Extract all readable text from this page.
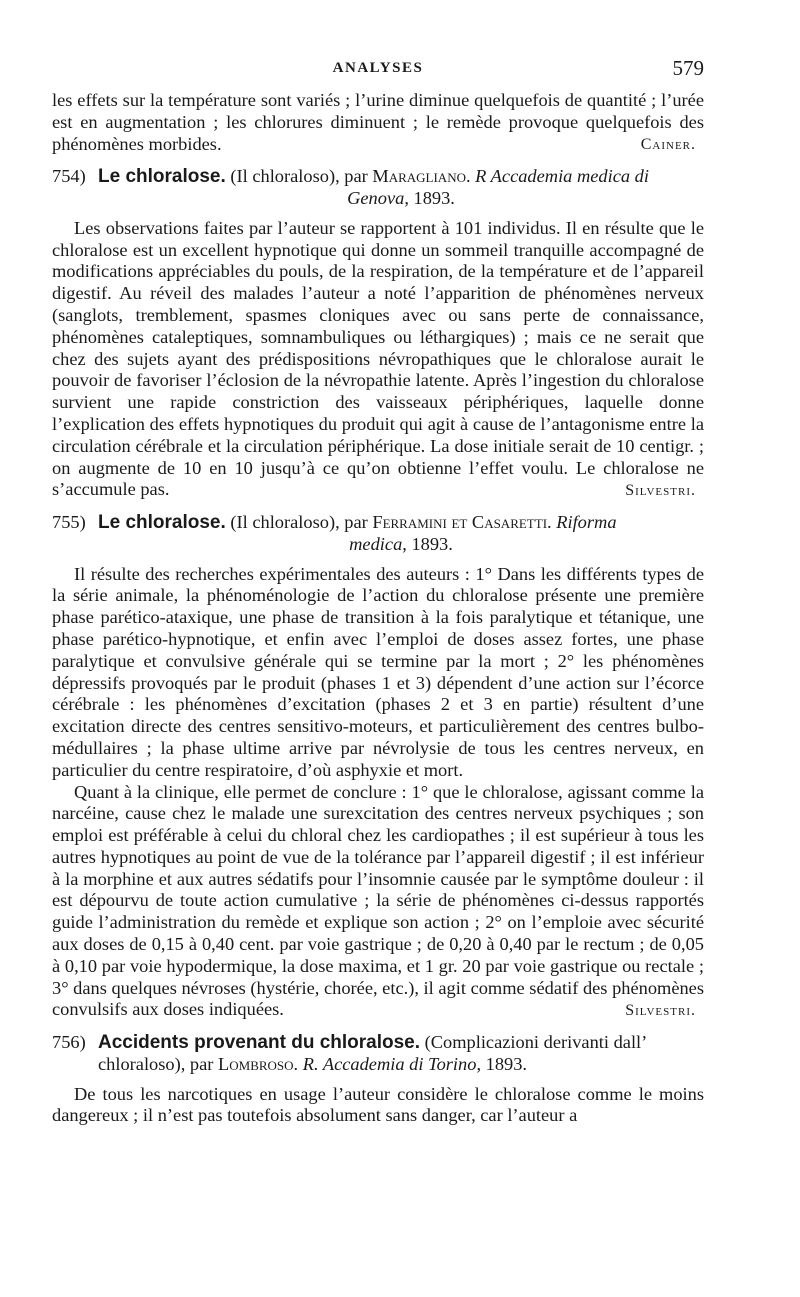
ANALYSES	579

les effets sur la température sont variés ; l’urine diminue quelquefois de quantité ; l’urée est en augmentation ; les chlorures diminuent ; le remède provoque quelquefois des phénomènes morbides.	Cainer.
754) Le chloralose. (Il chloraloso), par Maragliano. R Accademia medica di
Genova, 1893.

Les observations faites par l’auteur se rapportent à 101 individus. Il en résulte que le chloralose est un excellent hypnotique qui donne un sommeil tranquille accompagné de modifications appréciables du pouls, de la respiration, de la température et de l’appareil digestif. Au réveil des malades l’auteur a noté l’apparition de phénomènes nerveux (sanglots, tremblement, spasmes cloniques avec ou sans perte de connaissance, phénomènes cataleptiques, somnambuliques ou léthargiques) ; mais ce ne serait que chez des sujets ayant des prédispositions névropathiques que le chloralose aurait le pouvoir de favoriser l’éclosion de la névropathie latente. Après l’ingestion du chloralose survient une rapide constriction des vaisseaux périphériques, laquelle donne l’explication des effets hypnotiques du produit qui agit à cause de l’antagonisme entre la circulation cérébrale et la circulation périphérique. La dose initiale serait de 10 centigr. ; on augmente de 10 en 10 jusqu’à ce qu’on obtienne l’effet voulu. Le chloralose ne s’accumule pas.	Silvestri.
755) Le chloralose. (Il chloraloso), par Ferramini et Casaretti. Riforma
medica, 1893.

Il résulte des recherches expérimentales des auteurs : 1° Dans les différents types de la série animale, la phénoménologie de l’action du chloralose présente une première phase parético-ataxique, une phase de transition à la fois paralytique et tétanique, une phase parético-hypnotique, et enfin avec l’emploi de doses assez fortes, une phase paralytique et convulsive générale qui se termine par la mort ; 2° les phénomènes dépressifs provoqués par le produit (phases 1 et 3) dépendent d’une action sur l’écorce cérébrale : les phénomènes d’excitation (phases 2 et 3 en partie) résultent d’une excitation directe des centres sensitivo-moteurs, et particulièrement des centres bulbo-médullaires ; la phase ultime arrive par névrolysie de tous les centres nerveux, en particulier du centre respiratoire, d’où asphyxie et mort.

Quant à la clinique, elle permet de conclure : 1° que le chloralose, agissant comme la narcéine, cause chez le malade une surexcitation des centres nerveux psychiques ; son emploi est préférable à celui du chloral chez les cardiopathes ; il est supérieur à tous les autres hypnotiques au point de vue de la tolérance par l’appareil digestif ; il est inférieur à la morphine et aux autres sédatifs pour l’insomnie causée par le symptôme douleur : il est dépourvu de toute action cumulative ; la série de phénomènes ci-dessus rapportés guide l’administration du remède et explique son action ; 2° on l’emploie avec sécurité aux doses de 0,15 à 0,40 cent. par voie gastrique ; de 0,20 à 0,40 par le rectum ; de 0,05 à 0,10 par voie hypodermique, la dose maxima, et 1 gr. 20 par voie gastrique ou rectale ; 3° dans quelques névroses (hystérie, chorée, etc.), il agit comme sédatif des phénomènes convulsifs aux doses indiquées.	Silvestri.
756) Accidents provenant du chloralose. (Complicazioni derivanti dall’ chloraloso), par Lombroso. R. Accademia di Torino, 1893.

De tous les narcotiques en usage l’auteur considère le chloralose comme le moins dangereux ; il n’est pas toutefois absolument sans danger, car l’auteur a
